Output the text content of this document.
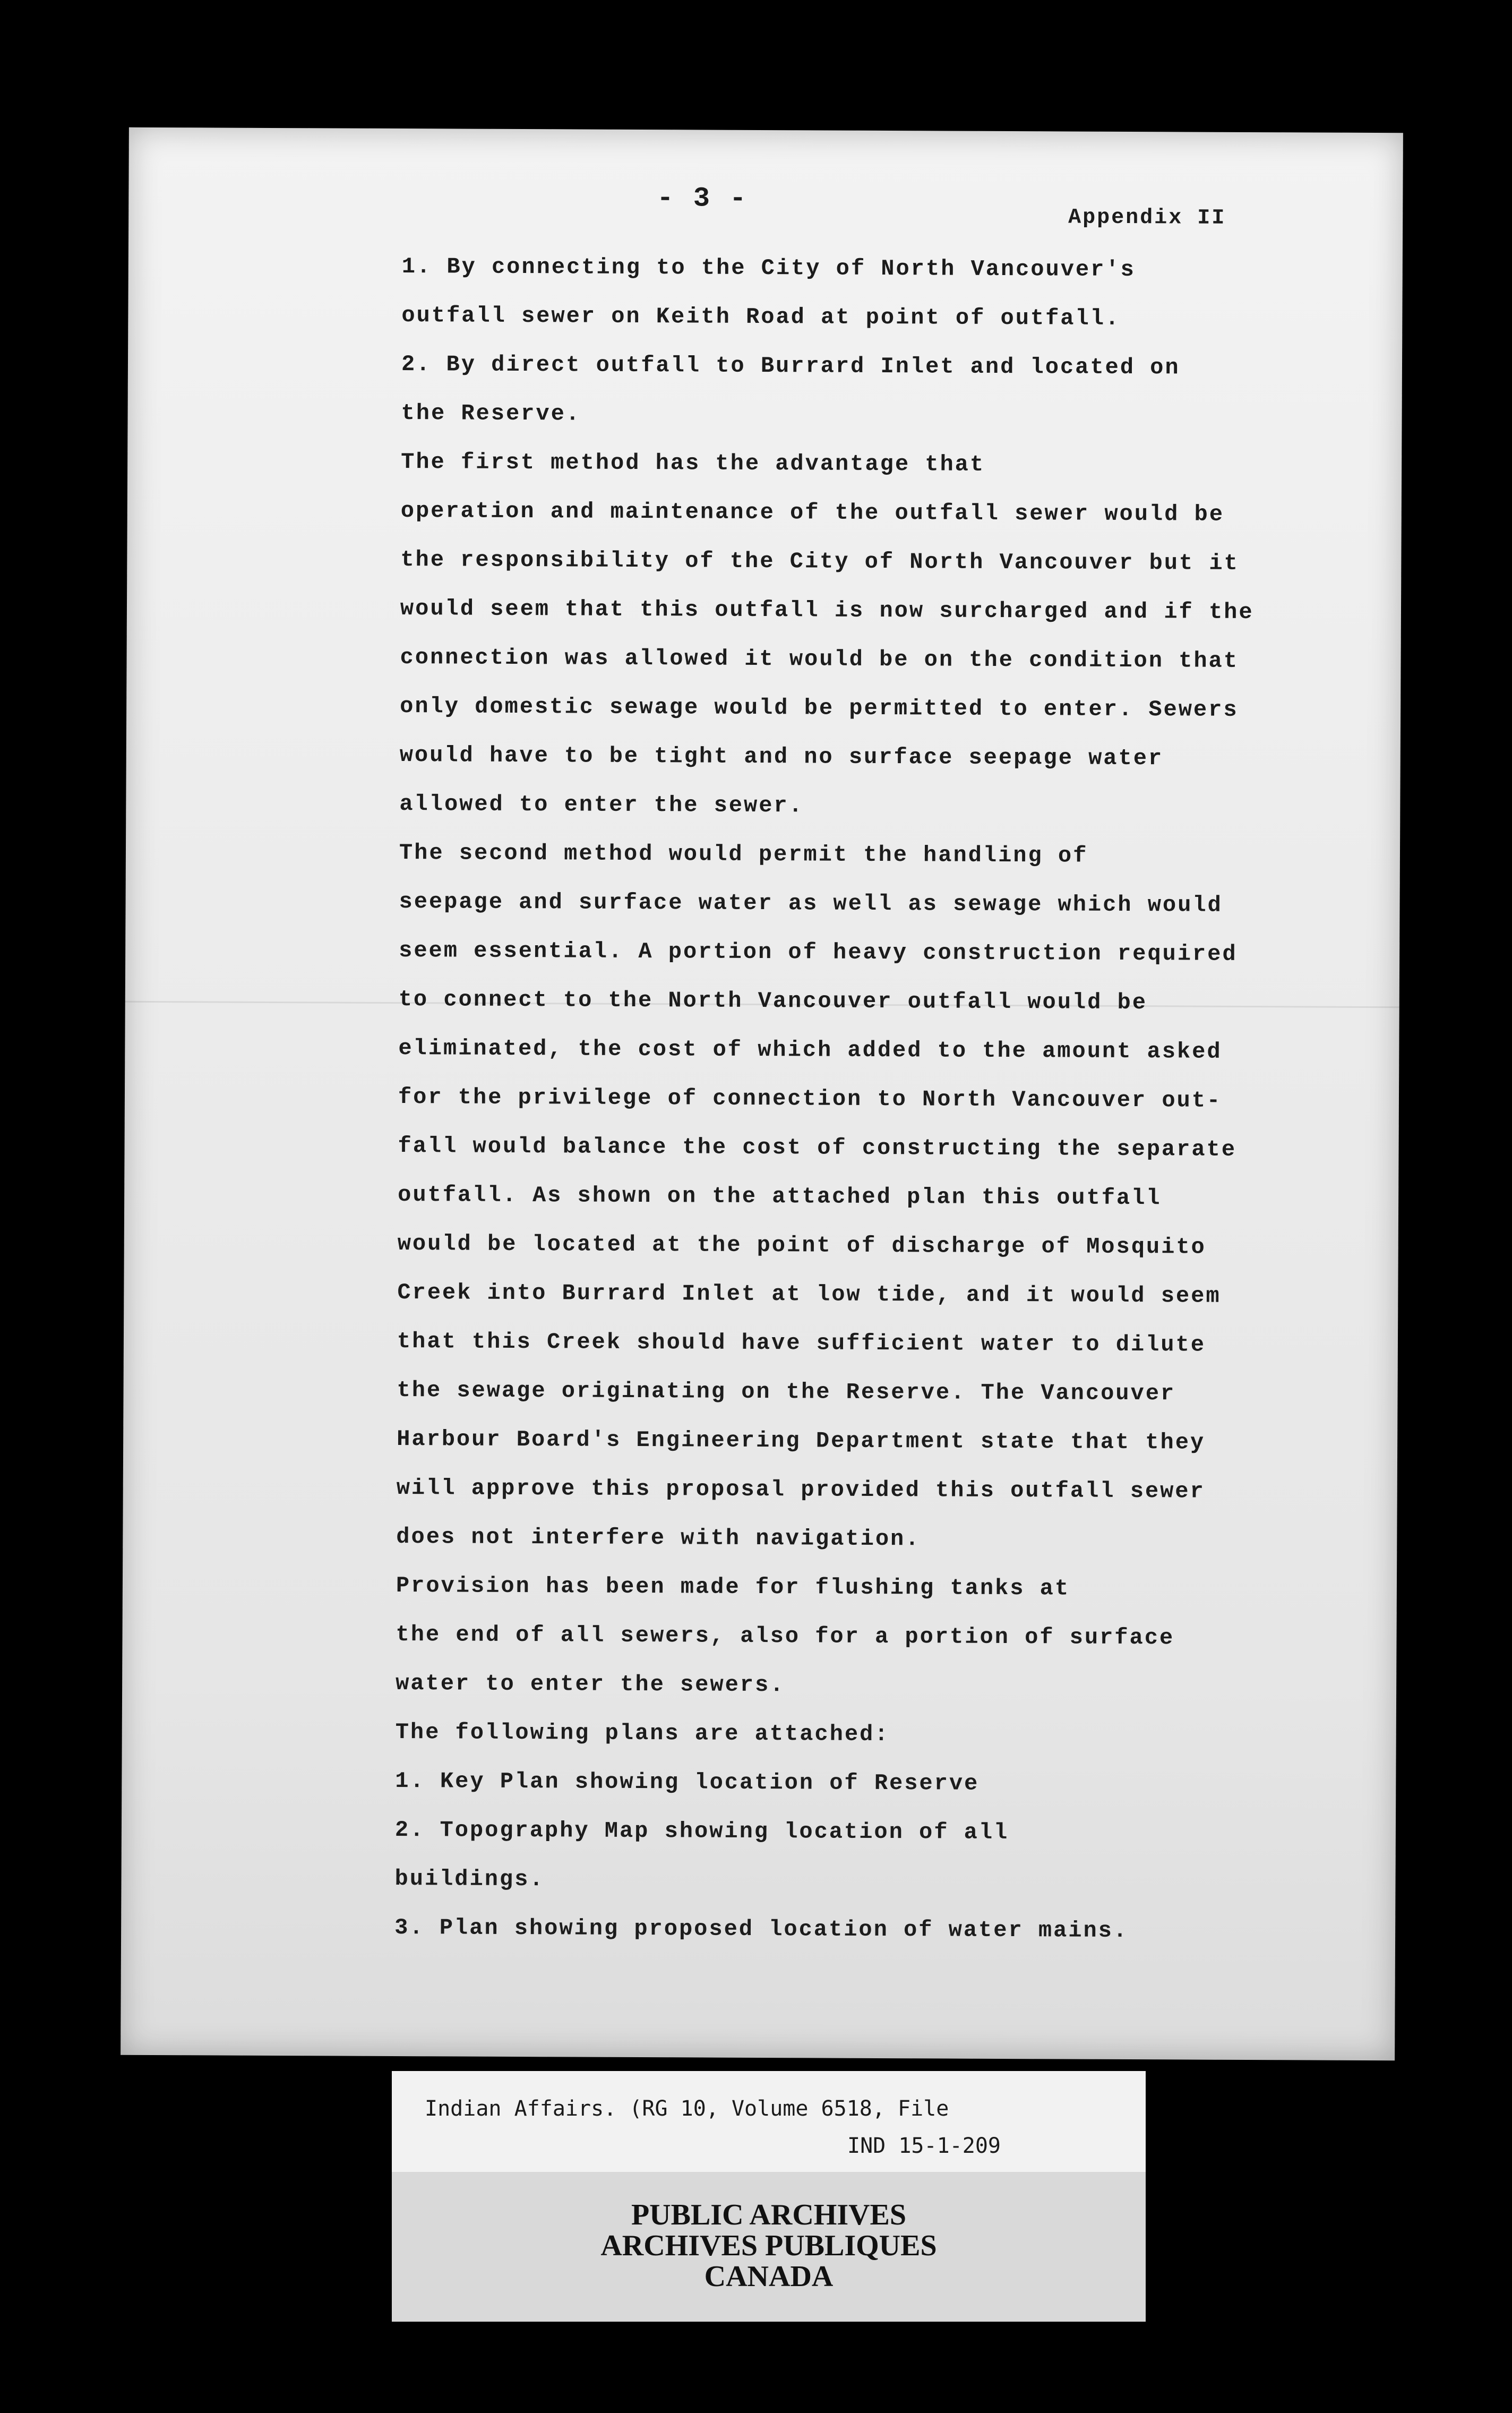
- 3 -

Appendix II

1. By connecting to the City of North Vancouver's
outfall sewer on Keith Road at point of outfall.
2. By direct outfall to Burrard Inlet and located on
the Reserve.
The first method has the advantage that
operation and maintenance of the outfall sewer would be
the responsibility of the City of North Vancouver but it
would seem that this outfall is now surcharged and if the
connection was allowed it would be on the condition that
only domestic sewage would be permitted to enter. Sewers
would have to be tight and no surface seepage water
allowed to enter the sewer.
The second method would permit the handling of
seepage and surface water as well as sewage which would
seem essential. A portion of heavy construction required
to connect to the North Vancouver outfall would be
eliminated, the cost of which added to the amount asked
for the privilege of connection to North Vancouver out-
fall would balance the cost of constructing the separate
outfall. As shown on the attached plan this outfall
would be located at the point of discharge of Mosquito
Creek into Burrard Inlet at low tide, and it would seem
that this Creek should have sufficient water to dilute
the sewage originating on the Reserve. The Vancouver
Harbour Board's Engineering Department state that they
will approve this proposal provided this outfall sewer
does not interfere with navigation.
Provision has been made for flushing tanks at
the end of all sewers, also for a portion of surface
water to enter the sewers.
The following plans are attached:
1. Key Plan showing location of Reserve
2. Topography Map showing location of all
buildings.
3. Plan showing proposed location of water mains.

Indian Affairs. (RG 10, Volume 6518, File

IND 15-1-209

PUBLIC ARCHIVES

ARCHIVES PUBLIQUES

CANADA
